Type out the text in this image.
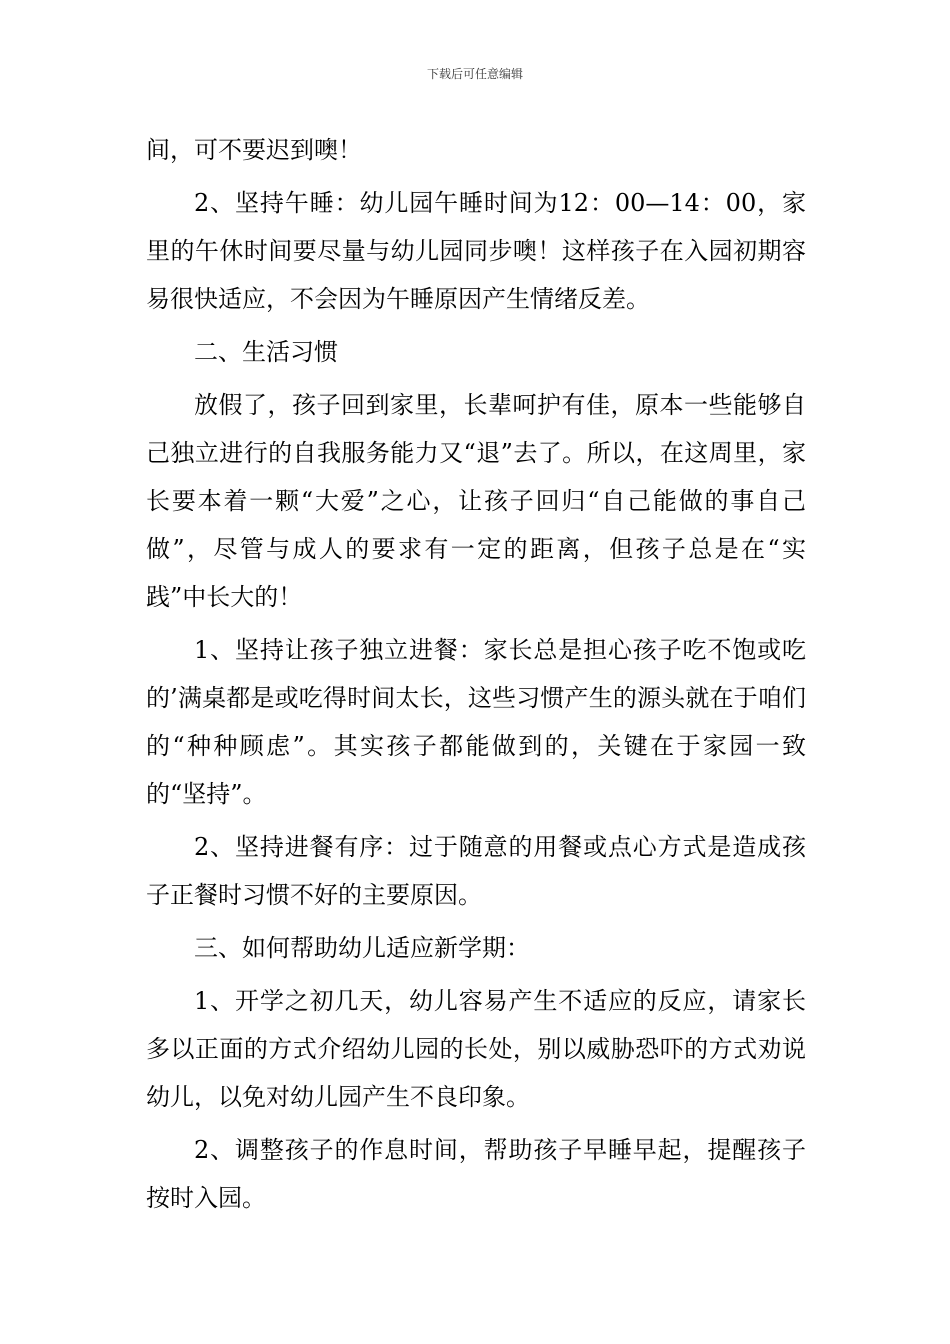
下载后可任意编辑

间，可不要迟到噢！

2、坚持午睡：幼儿园午睡时间为12：00—14：00，家里的午休时间要尽量与幼儿园同步噢！这样孩子在入园初期容易很快适应，不会因为午睡原因产生情绪反差。

二、生活习惯

放假了，孩子回到家里，长辈呵护有佳，原本一些能够自己独立进行的自我服务能力又“退”去了。所以，在这周里，家长要本着一颗“大爱”之心，让孩子回归“自己能做的事自己做”，尽管与成人的要求有一定的距离，但孩子总是在“实践”中长大的！

1、坚持让孩子独立进餐：家长总是担心孩子吃不饱或吃的’满桌都是或吃得时间太长，这些习惯产生的源头就在于咱们的“种种顾虑”。其实孩子都能做到的，关键在于家园一致的“坚持”。

2、坚持进餐有序：过于随意的用餐或点心方式是造成孩子正餐时习惯不好的主要原因。

三、如何帮助幼儿适应新学期：

1、开学之初几天，幼儿容易产生不适应的反应，请家长多以正面的方式介绍幼儿园的长处，别以威胁恐吓的方式劝说幼儿，以免对幼儿园产生不良印象。

2、调整孩子的作息时间，帮助孩子早睡早起，提醒孩子按时入园。
